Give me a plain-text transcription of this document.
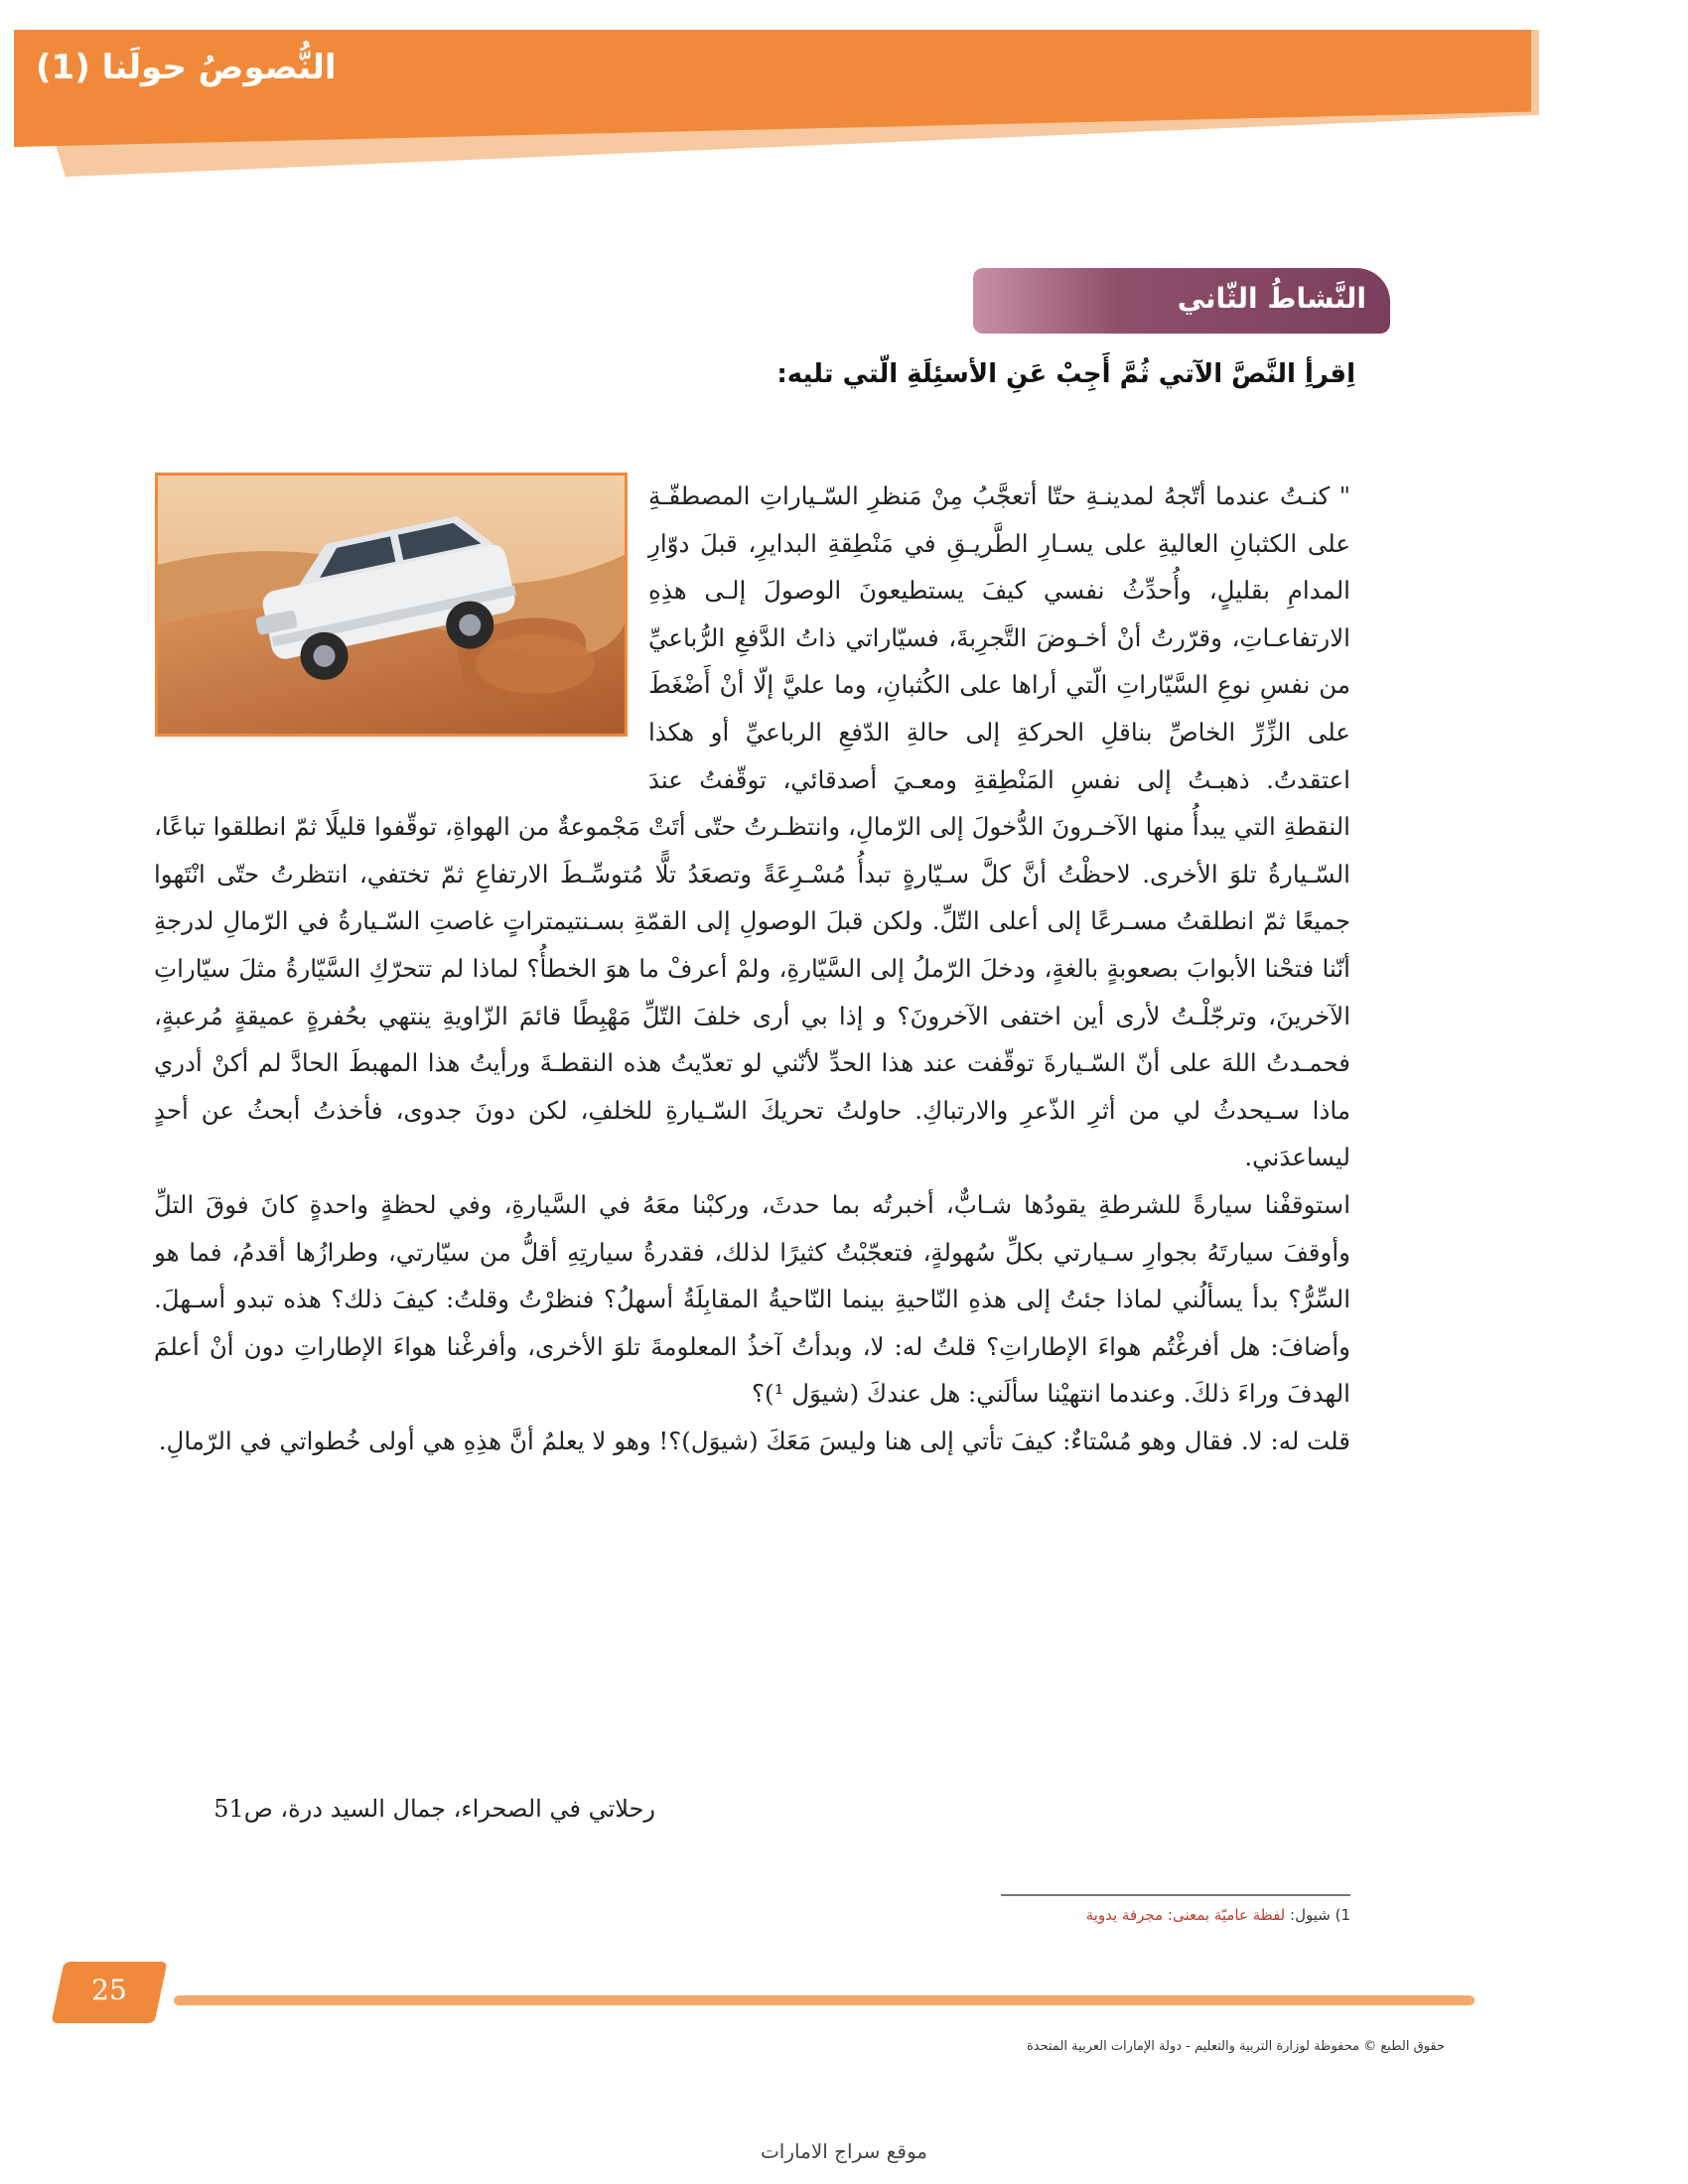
النُّصوصُ حولَنا (1)
النَّشاطُ الثّاني
اِقرأِ النَّصَّ الآتي ثُمَّ أَجِبْ عَنِ الأسئِلَةِ الّتي تليه:

" كنـتُ عندما أتّجهُ لمدينـةِ حتّا أتعجَّبُ مِنْ مَنظرِ السّـياراتِ المصطفّـةِ على الكثبانِ العاليةِ على يسـارِ الطَّريـقِ في مَنْطِقةِ البدايرِ، قبلَ دوّارِ المدامِ بقليلٍ، وأُحدِّثُ نفسي كيفَ يستطيعونَ الوصولَ إلـى هذِهِ الارتفاعـاتِ، وقرّرتُ أنْ أخـوضَ التَّجرِبةَ، فسيّاراتي ذاتُ الدَّفعِ الرُّباعيِّ من نفسِ نوعِ السَّيّاراتِ الّتي أراها على الكُثبانِ، وما عليَّ إلّا أنْ أَضْغَطَ على الزِّرِّ الخاصِّ بناقلِ الحركةِ إلى حالةِ الدّفعِ الرباعيِّ أو هكذا اعتقدتُ. ذهبـتُ إلى نفسِ المَنْطِقةِ ومعـيَ أصدقائي، توقّفتُ عندَ النقطةِ التي يبدأُ منها الآخـرونَ الدُّخولَ إلى الرّمالِ، وانتظـرتُ حتّى أتَتْ مَجْموعةٌ من الهواةِ، توقّفوا قليلًا ثمّ انطلقوا تباعًا، السّـيارةُ تلوَ الأخرى. لاحظْتُ أنَّ كلَّ سـيّارةٍ تبدأُ مُسْـرِعَةً وتصعَدُ تلًّا مُتوسِّـطَ الارتفاعِ ثمّ تختفي، انتظرتُ حتّى انْتَهوا جميعًا ثمّ انطلقتُ مسـرعًا إلى أعلى التّلِّ. ولكن قبلَ الوصولِ إلى القمّةِ بسـنتيمتراتٍ غاصتِ السّـيارةُ في الرّمالِ لدرجةِ أنّنا فتحْنا الأبوابَ بصعوبةٍ بالغةٍ، ودخلَ الرّملُ إلى السَّيّارةِ، ولمْ أعرفْ ما هوَ الخطأُ؟ لماذا لم تتحرّكِ السَّيّارةُ مثلَ سيّاراتِ الآخرينَ، وترجّلْـتُ لأرى أين اختفى الآخرونَ؟ و إذا بي أرى خلفَ التّلِّ مَهْبِطًا قائمَ الزّاويةِ ينتهي بحُفرةٍ عميقةٍ مُرعبةٍ، فحمـدتُ اللهَ على أنّ السّـيارةَ توقّفت عند هذا الحدِّ لأنّني لو تعدّيتُ هذه النقطـةَ ورأيتُ هذا المهبطَ الحادَّ لم أكنْ أدري ماذا سـيحدثُ لي من أثرِ الذّعرِ والارتباكِ. حاولتُ تحريكَ السّـيارةِ للخلفِ، لكن دونَ جدوى، فأخذتُ أبحثُ عن أحدٍ ليساعدَني.

استوقفْنا سيارةً للشرطةِ يقودُها شـابٌّ، أخبرتُه بما حدثَ، وركبْنا معَهُ في السَّيارةِ، وفي لحظةٍ واحدةٍ كانَ فوقَ التلِّ وأوقفَ سيارتَهُ بجوارِ سـيارتي بكلِّ سُهولةٍ، فتعجّبْتُ كثيرًا لذلك، فقدرةُ سيارتِهِ أقلُّ من سيّارتي، وطرازُها أقدمُ، فما هو السِّرُّ؟ بدأ يسألُني لماذا جئتُ إلى هذهِ النّاحيةِ بينما النّاحيةُ المقابِلَةُ أسهلُ؟ فنظرْتُ وقلتُ: كيفَ ذلك؟ هذه تبدو أسـهلَ. وأضافَ: هل أفرغْتُم هواءَ الإطاراتِ؟ قلتُ له: لا، وبدأتُ آخذُ المعلومةَ تلوَ الأخرى، وأفرغْنا هواءَ الإطاراتِ دون أنْ أعلمَ الهدفَ وراءَ ذلكَ. وعندما انتهيْنا سألَني: هل عندكَ (شيوَل ¹)؟

قلت له: لا. فقال وهو مُسْتاءٌ: كيفَ تأتي إلى هنا وليسَ مَعَكَ (شيوَل)؟! وهو لا يعلمُ أنَّ هذِهِ هي أولى خُطواتي في الرّمالِ.

رحلاتي في الصحراء، جمال السيد درة، ص51
1) شيول: لفظة عاميّة بمعنى: مجرفة يدوية
25
حقوق الطبع © محفوظة لوزارة التربية والتعليم - دولة الإمارات العربية المتحدة
موقع سراج الامارات
